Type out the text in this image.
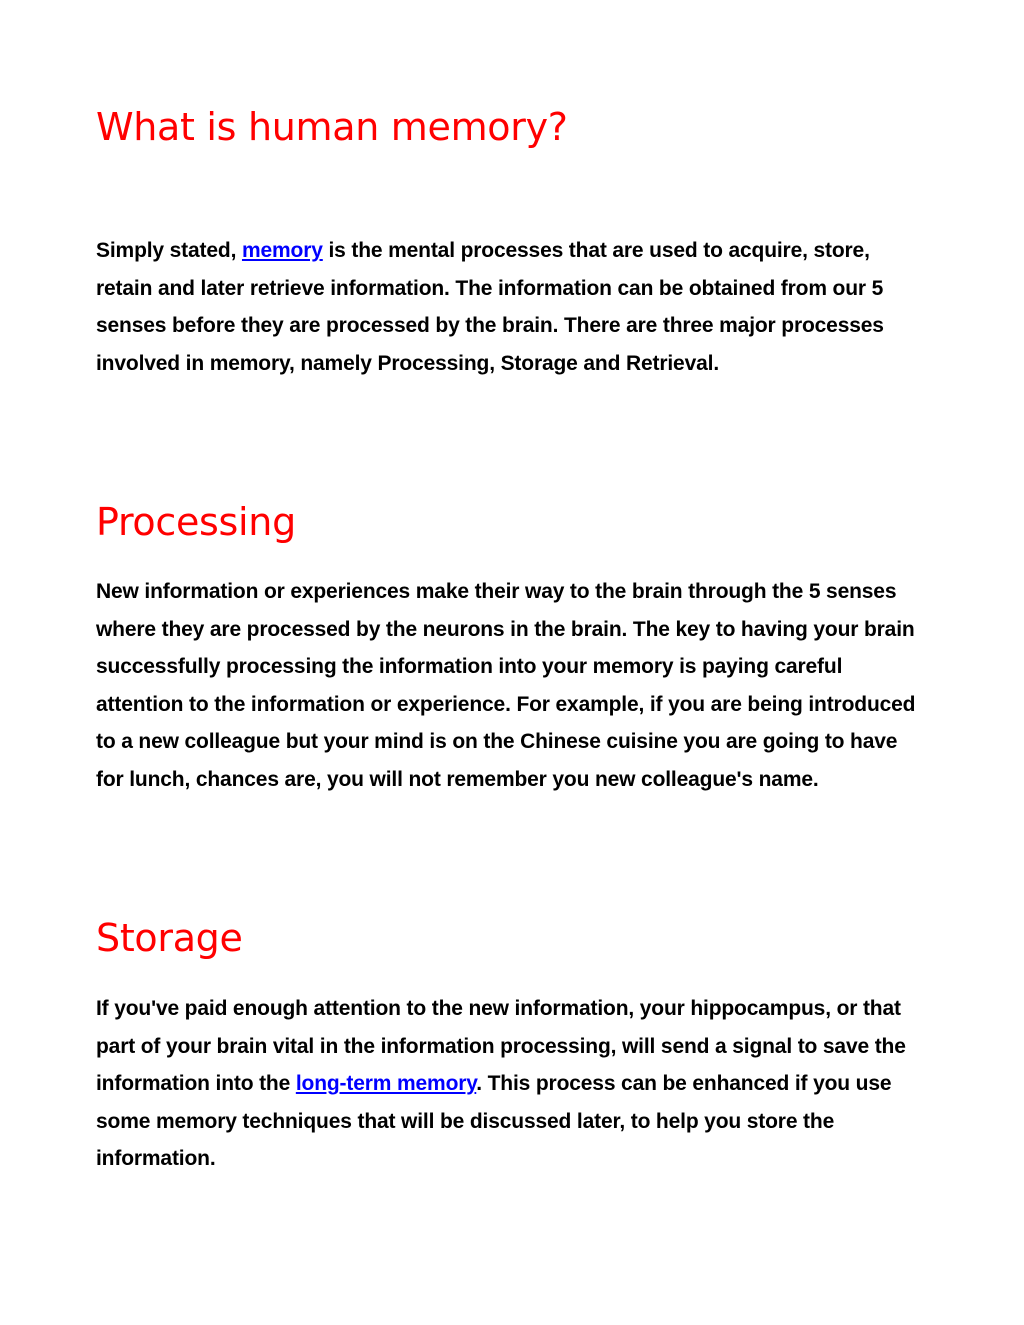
What is human memory?

Simply stated, memory is the mental processes that are used to acquire, store, retain and later retrieve information. The information can be obtained from our 5 senses before they are processed by the brain. There are three major processes involved in memory, namely Processing, Storage and Retrieval.

Processing

New information or experiences make their way to the brain through the 5 senses where they are processed by the neurons in the brain. The key to having your brain successfully processing the information into your memory is paying careful attention to the information or experience. For example, if you are being introduced to a new colleague but your mind is on the Chinese cuisine you are going to have for lunch, chances are, you will not remember you new colleague's name.

Storage

If you've paid enough attention to the new information, your hippocampus, or that part of your brain vital in the information processing, will send a signal to save the information into the long-term memory. This process can be enhanced if you use some memory techniques that will be discussed later, to help you store the information.
